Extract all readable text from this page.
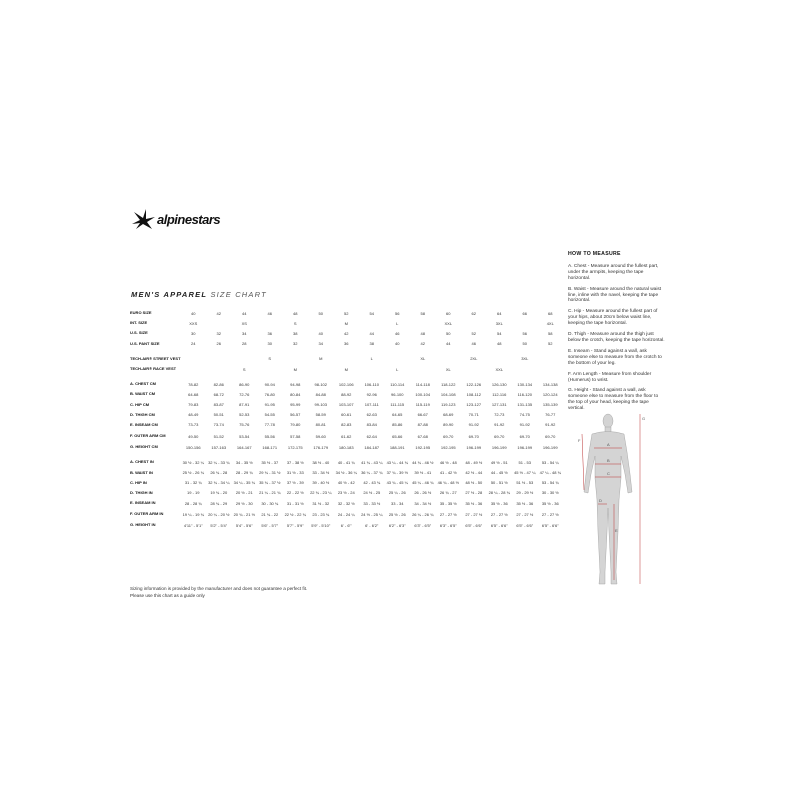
alpinestars
MEN'S APPAREL SIZE CHART
EURO SIZE	40	42	44	46	48	50	52	54	56	58	60	62	64	66	68
INT. SIZE	XXS		XS		S		M		L		XXL		3XL		4XL
U.S. SIZE	30	32	34	36	38	40	42	44	46	48	50	52	54	56	58
U.S. PANT SIZE	24	26	28	30	32	34	36	38	40	42	44	46	48	50	52

TECH-AIR® STREET VEST				S		M		L		XL		2XL		3XL	
TECH-AIR® RACE VEST			S		M		M		L		XL		XXL		

A. CHEST CM	78-82	82-86	86-90	90-94	94-98	98-102	102-106	106-110	110-114	114-118	118-122	122-126	126-130	130-134	134-138
B. WAIST CM	64-68	68-72	72-76	76-80	80-84	84-88	88-92	92-96	96-100	100-104	104-108	108-112	112-116	116-120	120-124
C. HIP CM	79-83	83-87	87-91	91-95	95-99	99-103	103-107	107-111	111-115	115-119	119-123	123-127	127-131	131-135	135-139
D. THIGH CM	48-49	50-51	52-53	54-55	56-57	58-59	60-61	62-63	64-65	66-67	68-69	70-71	72-73	74-75	76-77
E. INSEAM CM	73-73	73-74	75-76	77-78	79-80	80-81	82-83	83-84	85-86	87-88	89-90	91-92	91-92	91-92	91-92
F. OUTER ARM CM	49-50	51-52	53-54	55-56	57-58	59-60	61-62	62-64	65-66	67-68	69-70	69-70	69-70	69-70	69-70
G. HEIGHT CM	150-156	157-163	164-167	168-171	172-175	176-179	180-183	184-187	188-191	192-195	192-195	196-199	196-199	196-199	196-199

A. CHEST IN	30 ½ - 32 ¼	32 ¼ - 33 ¾	34 - 35 ½	35 ½ - 37	37 - 38 ½	38 ½ - 40	40 - 41 ¾	41 ¾ - 43 ¼	43 ¼ - 44 ¾	44 ¾ - 46 ½	46 ½ - 48	48 - 49 ½	49 ½ - 51	51 - 53	53 - 54 ¼
B. WAIST IN	25 ½ - 26 ¾	26 ¾ - 28	28 - 29 ¾	29 ¾ - 31 ½	31 ½ - 33	33 - 34 ½	34 ½ - 36 ¼	36 ¼ - 37 ¾	37 ¾ - 39 ½	39 ½ - 41	41 - 42 ½	42 ½ - 44	44 - 45 ½	45 ½ - 47 ¼	47 ¼ - 48 ¾
C. HIP IN	31 - 32 ¾	32 ¾ - 34 ¼	34 ¼ - 35 ¾	35 ¾ - 37 ½	37 ½ - 39	39 - 40 ½	40 ½ - 42	42 - 43 ¾	43 ¾ - 45 ¼	45 ¼ - 46 ¾	46 ¾ - 48 ½	48 ½ - 50	50 - 51 ½	51 ½ - 53	53 - 54 ¾
D. THIGH IN	19 - 19	19 ¾ - 20	20 ½ - 21	21 ¼ - 21 ¾	22 - 22 ½	22 ¾ - 23 ¼	23 ½ - 24	24 ½ - 25	25 ¼ - 26	26 - 26 ½	26 ¾ - 27	27 ½ - 28	28 ¼ - 28 ¾	29 - 29 ½	30 - 30 ½
E. INSEAM IN	28 - 28 ¾	28 ¾ - 29	29 ½ - 30	30 - 30 ¾	31 - 31 ½	31 ½ - 32	32 - 32 ½	33 - 33 ½	33 - 34	34 - 34 ½	35 - 35 ½	35 ½ - 36	35 ½ - 36	35 ½ - 36	35 ½ - 36
F. OUTER ARM IN	19 ¼ - 19 ¾	20 ¼ - 20 ½	20 ¾ - 21 ½	21 ¾ - 22	22 ½ - 22 ¾	23 - 23 ¾	24 - 24 ¼	24 ½ - 25 ¼	25 ½ - 26	26 ¼ - 26 ¾	27 - 27 ½	27 - 27 ½	27 - 27 ½	27 - 27 ½	27 - 27 ½
G. HEIGHT IN	4'11" - 5'1"	5'2" - 5'4"	5'4" - 5'6"	5'6" - 5'7"	5'7" - 5'9"	5'9" - 5'10"	6' - 6'"	6' - 6'2"	6'2" - 6'3"	6'3" - 6'5"	6'3" - 6'5"	6'5" - 6'6"	6'5" - 6'6"	6'5" - 6'6"	6'5" - 6'6"
Sizing information is provided by the manufacturer and does not guarantee a perfect fit.
Please use this chart as a guide only
HOW TO MEASURE

A. Chest - Measure around the fullest part, under the armpits, keeping the tape horizontal.

B. Waist - Measure around the natural waist line, inline with the navel, keeping the tape horizontal.

C. Hip - Measure around the fullest part of your hips, about 20cm below waist line, keeping the tape horizontal.

D. Thigh - Measure around the thigh just below the crotch, keeping the tape horizontal.

E. Inseam - Stand against a wall, ask someone else to measure from the crotch to the bottom of your leg.

F. Arm Length - Measure from shoulder (Humerus) to wrist.

G. Height - Stand against a wall, ask someone else to measure from the floor to the top of your head, keeping the tape vertical.

A
B
C
D
E
F
G
